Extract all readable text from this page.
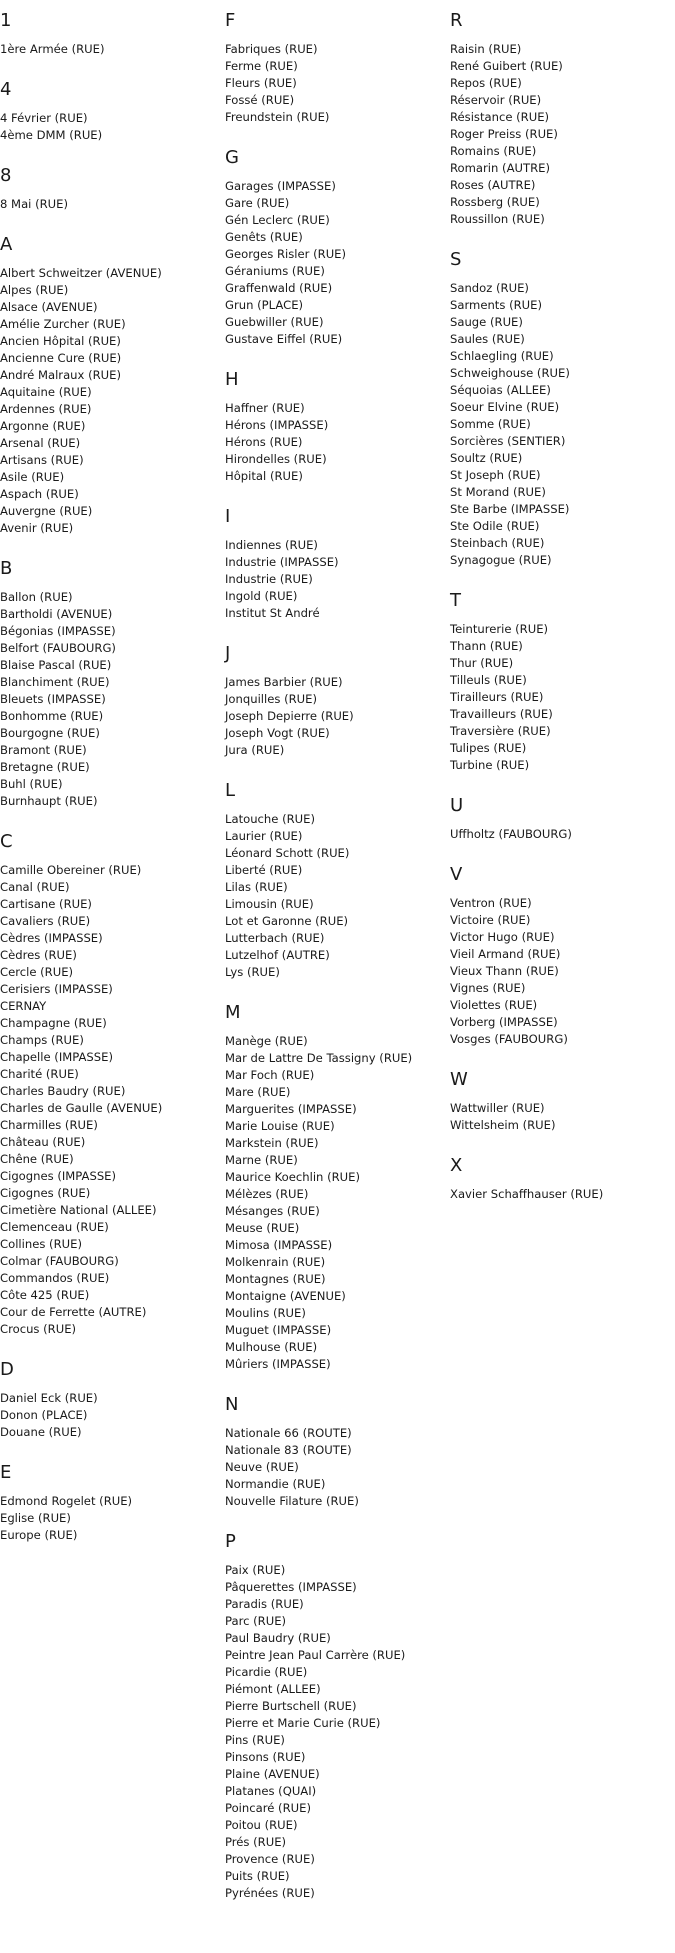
1
1ère Armée (RUE)
4
4 Février (RUE)
4ème DMM (RUE)
8
8 Mai (RUE)
A
Albert Schweitzer (AVENUE)
Alpes (RUE)
Alsace (AVENUE)
Amélie Zurcher (RUE)
Ancien Hôpital (RUE)
Ancienne Cure (RUE)
André Malraux (RUE)
Aquitaine (RUE)
Ardennes (RUE)
Argonne (RUE)
Arsenal (RUE)
Artisans (RUE)
Asile (RUE)
Aspach (RUE)
Auvergne (RUE)
Avenir (RUE)
B
Ballon (RUE)
Bartholdi (AVENUE)
Bégonias (IMPASSE)
Belfort (FAUBOURG)
Blaise Pascal (RUE)
Blanchiment (RUE)
Bleuets (IMPASSE)
Bonhomme (RUE)
Bourgogne (RUE)
Bramont (RUE)
Bretagne (RUE)
Buhl (RUE)
Burnhaupt (RUE)
C
Camille Obereiner (RUE)
Canal (RUE)
Cartisane (RUE)
Cavaliers (RUE)
Cèdres (IMPASSE)
Cèdres (RUE)
Cercle (RUE)
Cerisiers (IMPASSE)
CERNAY
Champagne (RUE)
Champs (RUE)
Chapelle (IMPASSE)
Charité (RUE)
Charles Baudry (RUE)
Charles de Gaulle (AVENUE)
Charmilles (RUE)
Château (RUE)
Chêne (RUE)
Cigognes (IMPASSE)
Cigognes (RUE)
Cimetière National (ALLEE)
Clemenceau (RUE)
Collines (RUE)
Colmar (FAUBOURG)
Commandos (RUE)
Côte 425 (RUE)
Cour de Ferrette (AUTRE)
Crocus (RUE)
D
Daniel Eck (RUE)
Donon (PLACE)
Douane (RUE)
E
Edmond Rogelet (RUE)
Eglise (RUE)
Europe (RUE)
F
Fabriques (RUE)
Ferme (RUE)
Fleurs (RUE)
Fossé (RUE)
Freundstein (RUE)
G
Garages (IMPASSE)
Gare (RUE)
Gén Leclerc (RUE)
Genêts (RUE)
Georges Risler (RUE)
Géraniums (RUE)
Graffenwald (RUE)
Grun (PLACE)
Guebwiller (RUE)
Gustave Eiffel (RUE)
H
Haffner (RUE)
Hérons (IMPASSE)
Hérons (RUE)
Hirondelles (RUE)
Hôpital (RUE)
I
Indiennes (RUE)
Industrie (IMPASSE)
Industrie (RUE)
Ingold (RUE)
Institut St André
J
James Barbier (RUE)
Jonquilles (RUE)
Joseph Depierre (RUE)
Joseph Vogt (RUE)
Jura (RUE)
L
Latouche (RUE)
Laurier (RUE)
Léonard Schott (RUE)
Liberté (RUE)
Lilas (RUE)
Limousin (RUE)
Lot et Garonne (RUE)
Lutterbach (RUE)
Lutzelhof (AUTRE)
Lys (RUE)
M
Manège (RUE)
Mar de Lattre De Tassigny (RUE)
Mar Foch (RUE)
Mare (RUE)
Marguerites (IMPASSE)
Marie Louise (RUE)
Markstein (RUE)
Marne (RUE)
Maurice Koechlin (RUE)
Mélèzes (RUE)
Mésanges (RUE)
Meuse (RUE)
Mimosa (IMPASSE)
Molkenrain (RUE)
Montagnes (RUE)
Montaigne (AVENUE)
Moulins (RUE)
Muguet (IMPASSE)
Mulhouse (RUE)
Mûriers (IMPASSE)
N
Nationale 66 (ROUTE)
Nationale 83 (ROUTE)
Neuve (RUE)
Normandie (RUE)
Nouvelle Filature (RUE)
P
Paix (RUE)
Pâquerettes (IMPASSE)
Paradis (RUE)
Parc (RUE)
Paul Baudry (RUE)
Peintre Jean Paul Carrère (RUE)
Picardie (RUE)
Piémont (ALLEE)
Pierre Burtschell (RUE)
Pierre et Marie Curie (RUE)
Pins (RUE)
Pinsons (RUE)
Plaine (AVENUE)
Platanes (QUAI)
Poincaré (RUE)
Poitou (RUE)
Prés (RUE)
Provence (RUE)
Puits (RUE)
Pyrénées (RUE)
R
Raisin (RUE)
René Guibert (RUE)
Repos (RUE)
Réservoir (RUE)
Résistance (RUE)
Roger Preiss (RUE)
Romains (RUE)
Romarin (AUTRE)
Roses (AUTRE)
Rossberg (RUE)
Roussillon (RUE)
S
Sandoz (RUE)
Sarments (RUE)
Sauge (RUE)
Saules (RUE)
Schlaegling (RUE)
Schweighouse (RUE)
Séquoias (ALLEE)
Soeur Elvine (RUE)
Somme (RUE)
Sorcières (SENTIER)
Soultz (RUE)
St Joseph (RUE)
St Morand (RUE)
Ste Barbe (IMPASSE)
Ste Odile (RUE)
Steinbach (RUE)
Synagogue (RUE)
T
Teinturerie (RUE)
Thann (RUE)
Thur (RUE)
Tilleuls (RUE)
Tirailleurs (RUE)
Travailleurs (RUE)
Traversière (RUE)
Tulipes (RUE)
Turbine (RUE)
U
Uffholtz (FAUBOURG)
V
Ventron (RUE)
Victoire (RUE)
Victor Hugo (RUE)
Vieil Armand (RUE)
Vieux Thann (RUE)
Vignes (RUE)
Violettes (RUE)
Vorberg (IMPASSE)
Vosges (FAUBOURG)
W
Wattwiller (RUE)
Wittelsheim (RUE)
X
Xavier Schaffhauser (RUE)
